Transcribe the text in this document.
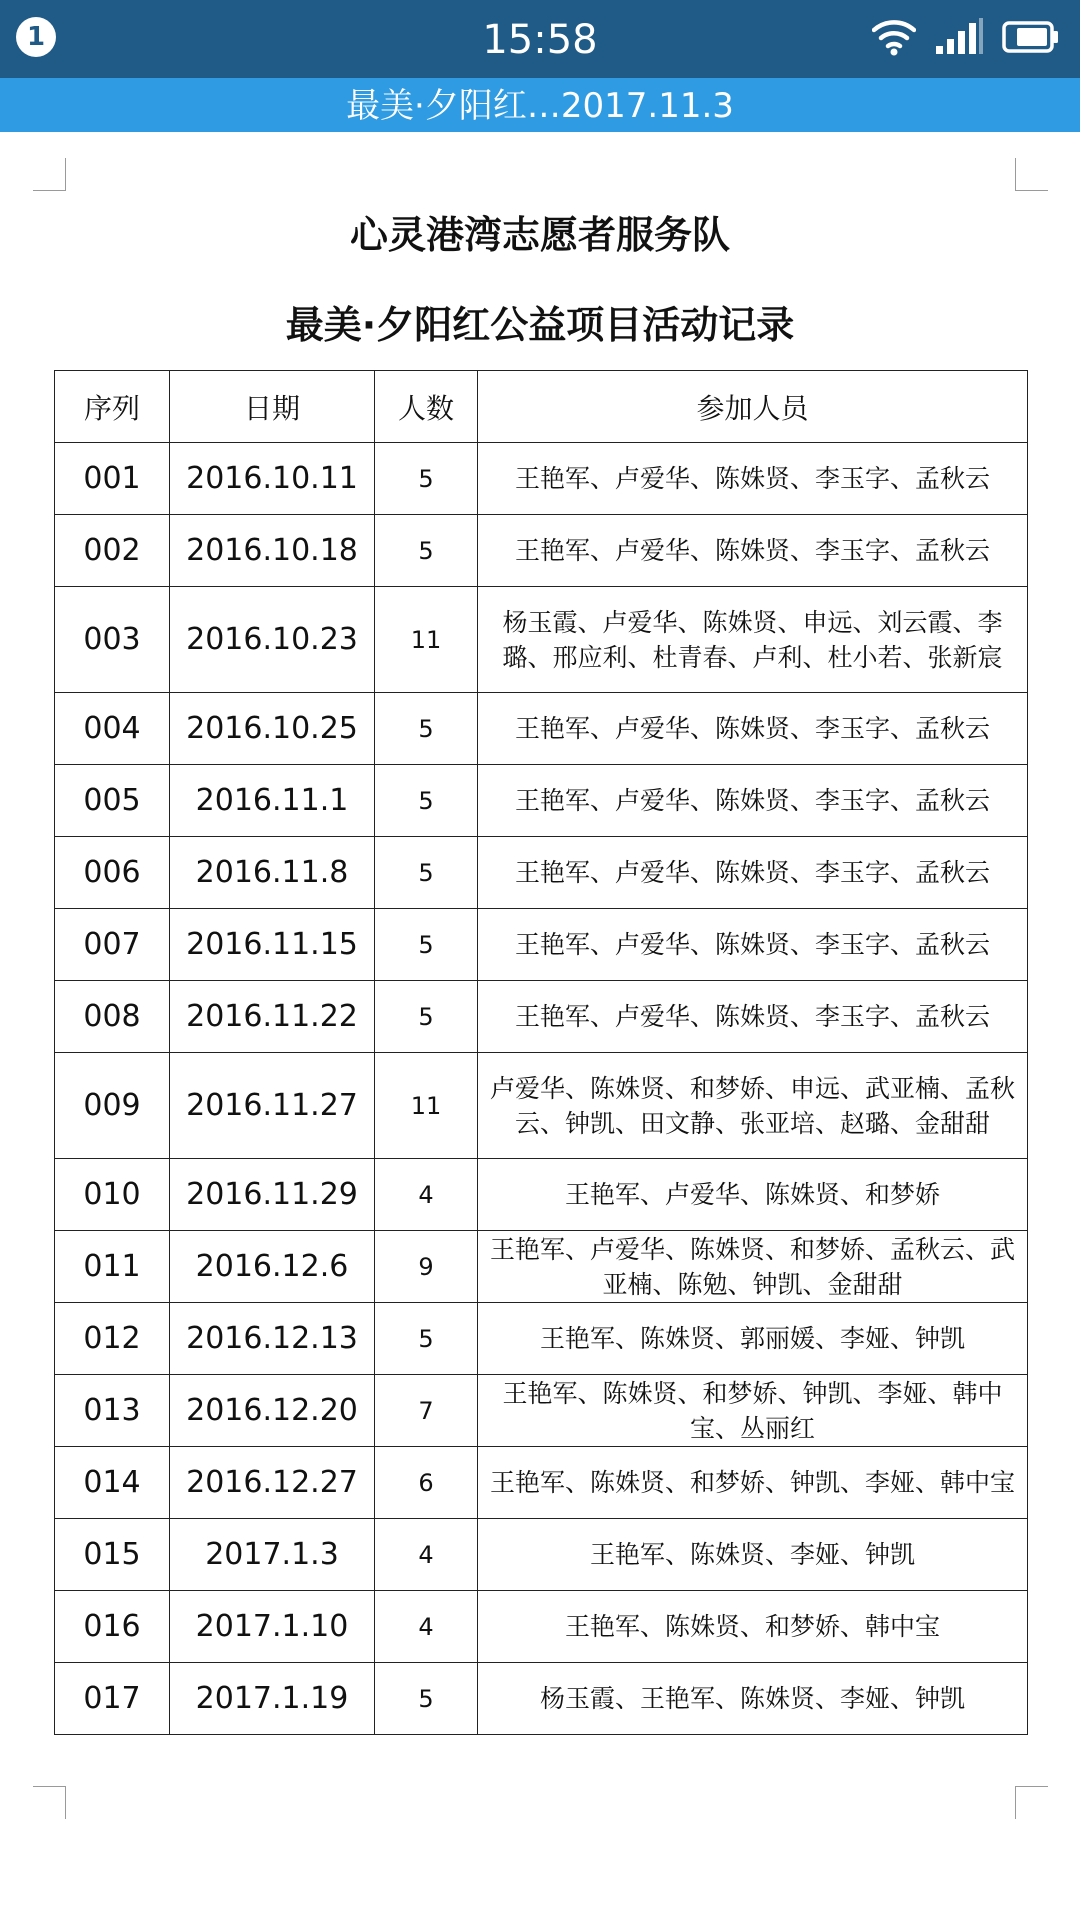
1	15:58
最美·夕阳红…2017.11.3
心灵港湾志愿者服务队
最美·夕阳红公益项目活动记录
序列	日期	人数	参加人员
001	2016.10.11	5	王艳军、卢爱华、陈姝贤、李玉字、孟秋云
002	2016.10.18	5	王艳军、卢爱华、陈姝贤、李玉字、孟秋云
003	2016.10.23	11	杨玉霞、卢爱华、陈姝贤、申远、刘云霞、李璐、邢应利、杜青春、卢利、杜小若、张新宸
004	2016.10.25	5	王艳军、卢爱华、陈姝贤、李玉字、孟秋云
005	2016.11.1	5	王艳军、卢爱华、陈姝贤、李玉字、孟秋云
006	2016.11.8	5	王艳军、卢爱华、陈姝贤、李玉字、孟秋云
007	2016.11.15	5	王艳军、卢爱华、陈姝贤、李玉字、孟秋云
008	2016.11.22	5	王艳军、卢爱华、陈姝贤、李玉字、孟秋云
009	2016.11.27	11	卢爱华、陈姝贤、和梦娇、申远、武亚楠、孟秋云、钟凯、田文静、张亚培、赵璐、金甜甜
010	2016.11.29	4	王艳军、卢爱华、陈姝贤、和梦娇
011	2016.12.6	9	王艳军、卢爱华、陈姝贤、和梦娇、孟秋云、武亚楠、陈勉、钟凯、金甜甜
012	2016.12.13	5	王艳军、陈姝贤、郭丽媛、李娅、钟凯
013	2016.12.20	7	王艳军、陈姝贤、和梦娇、钟凯、李娅、韩中宝、丛丽红
014	2016.12.27	6	王艳军、陈姝贤、和梦娇、钟凯、李娅、韩中宝
015	2017.1.3	4	王艳军、陈姝贤、李娅、钟凯
016	2017.1.10	4	王艳军、陈姝贤、和梦娇、韩中宝
017	2017.1.19	5	杨玉霞、王艳军、陈姝贤、李娅、钟凯
